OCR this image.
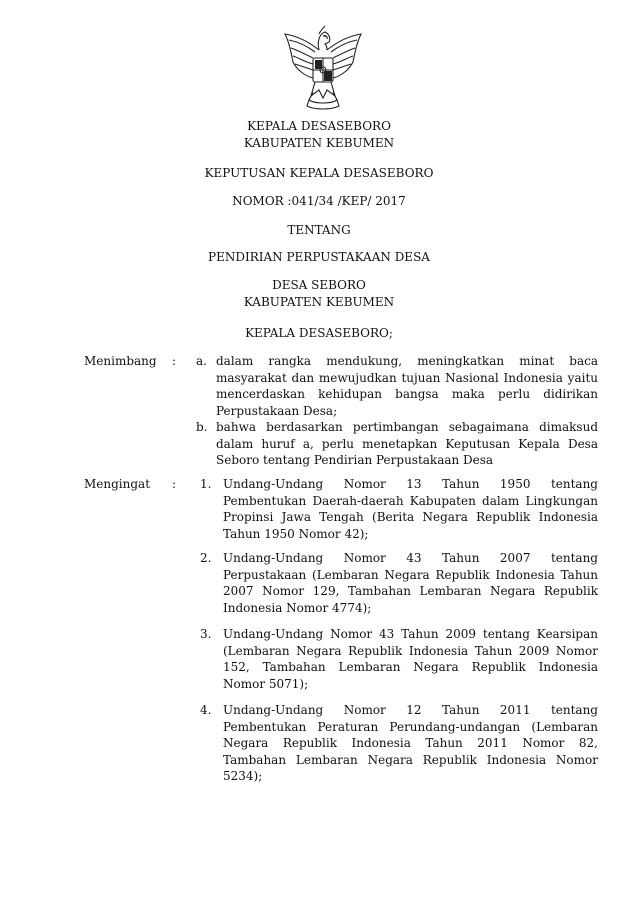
KEPALA DESASEBORO
KABUPATEN KEBUMEN
KEPUTUSAN KEPALA DESASEBORO
NOMOR :041/34 /KEP/ 2017
TENTANG
PENDIRIAN PERPUSTAKAAN DESA
DESA SEBORO
KABUPATEN KEBUMEN
KEPALA DESASEBORO;
Menimbang : a. dalam rangka mendukung, meningkatkan minat baca masyarakat dan mewujudkan tujuan Nasional Indonesia yaitu mencerdaskan kehidupan bangsa maka perlu didirikan Perpustakaan Desa;
b. bahwa berdasarkan pertimbangan sebagaimana dimaksud dalam huruf a, perlu menetapkan Keputusan Kepala Desa Seboro tentang Pendirian Perpustakaan Desa
Mengingat : 1. Undang-Undang Nomor 13 Tahun 1950 tentang Pembentukan Daerah-daerah Kabupaten dalam Lingkungan Propinsi Jawa Tengah (Berita Negara Republik Indonesia Tahun 1950 Nomor 42);
2. Undang-Undang Nomor 43 Tahun 2007 tentang Perpustakaan (Lembaran Negara Republik Indonesia Tahun 2007 Nomor 129, Tambahan Lembaran Negara Republik Indonesia Nomor 4774);
3. Undang-Undang Nomor 43 Tahun 2009 tentang Kearsipan (Lembaran Negara Republik Indonesia Tahun 2009 Nomor 152, Tambahan Lembaran Negara Republik Indonesia Nomor 5071);
4. Undang-Undang Nomor 12 Tahun 2011 tentang Pembentukan Peraturan Perundang-undangan (Lembaran Negara Republik Indonesia Tahun 2011 Nomor 82, Tambahan Lembaran Negara Republik Indonesia Nomor 5234);
